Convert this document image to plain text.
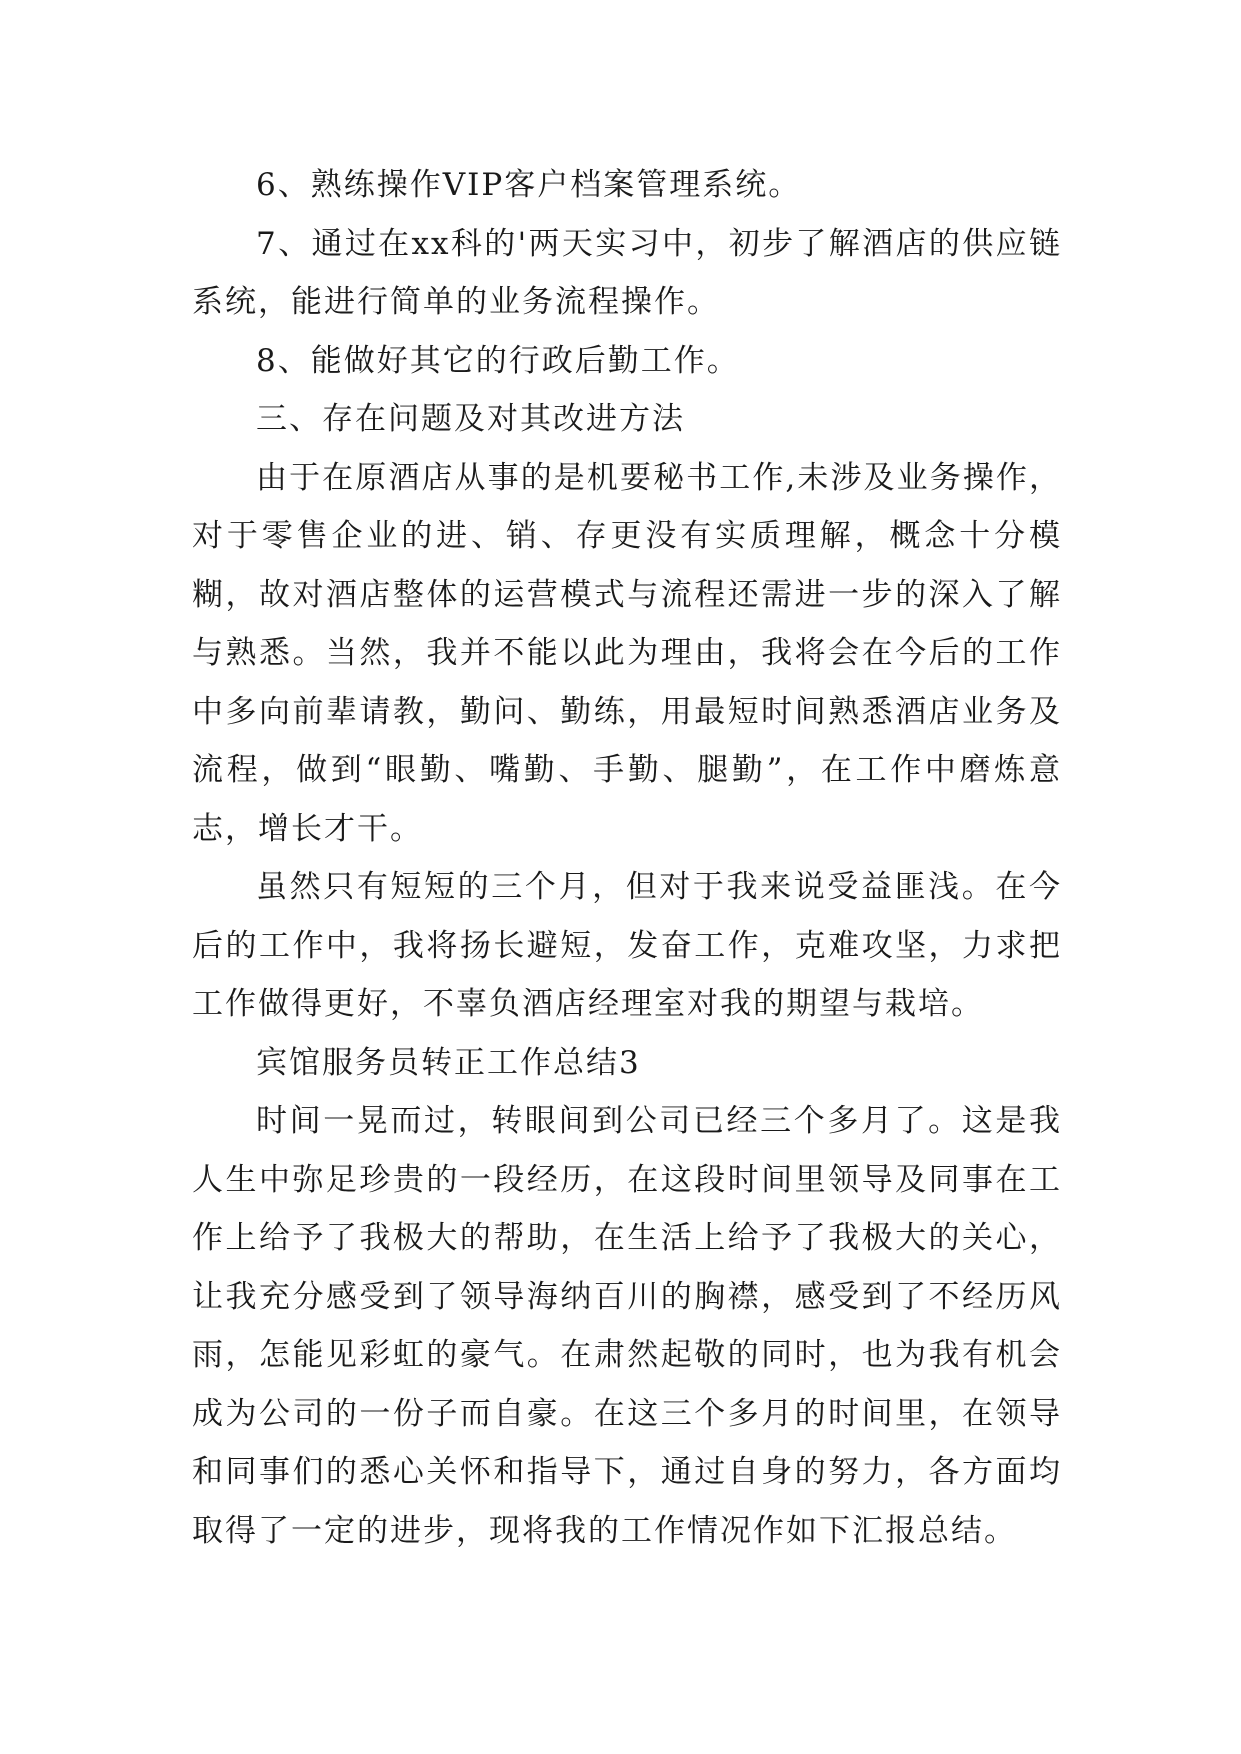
6、熟练操作VIP客户档案管理系统。

7、通过在xx科的'两天实习中，初步了解酒店的供应链系统，能进行简单的业务流程操作。

8、能做好其它的行政后勤工作。

三、存在问题及对其改进方法

由于在原酒店从事的是机要秘书工作,未涉及业务操作，对于零售企业的进、销、存更没有实质理解，概念十分模糊，故对酒店整体的运营模式与流程还需进一步的深入了解与熟悉。当然，我并不能以此为理由，我将会在今后的工作中多向前辈请教，勤问、勤练，用最短时间熟悉酒店业务及流程，做到“眼勤、嘴勤、手勤、腿勤”，在工作中磨炼意志，增长才干。

虽然只有短短的三个月，但对于我来说受益匪浅。在今后的工作中，我将扬长避短，发奋工作，克难攻坚，力求把工作做得更好，不辜负酒店经理室对我的期望与栽培。

宾馆服务员转正工作总结3

时间一晃而过，转眼间到公司已经三个多月了。这是我人生中弥足珍贵的一段经历，在这段时间里领导及同事在工作上给予了我极大的帮助，在生活上给予了我极大的关心，让我充分感受到了领导海纳百川的胸襟，感受到了不经历风雨，怎能见彩虹的豪气。在肃然起敬的同时，也为我有机会成为公司的一份子而自豪。在这三个多月的时间里，在领导和同事们的悉心关怀和指导下，通过自身的努力，各方面均取得了一定的进步，现将我的工作情况作如下汇报总结。
